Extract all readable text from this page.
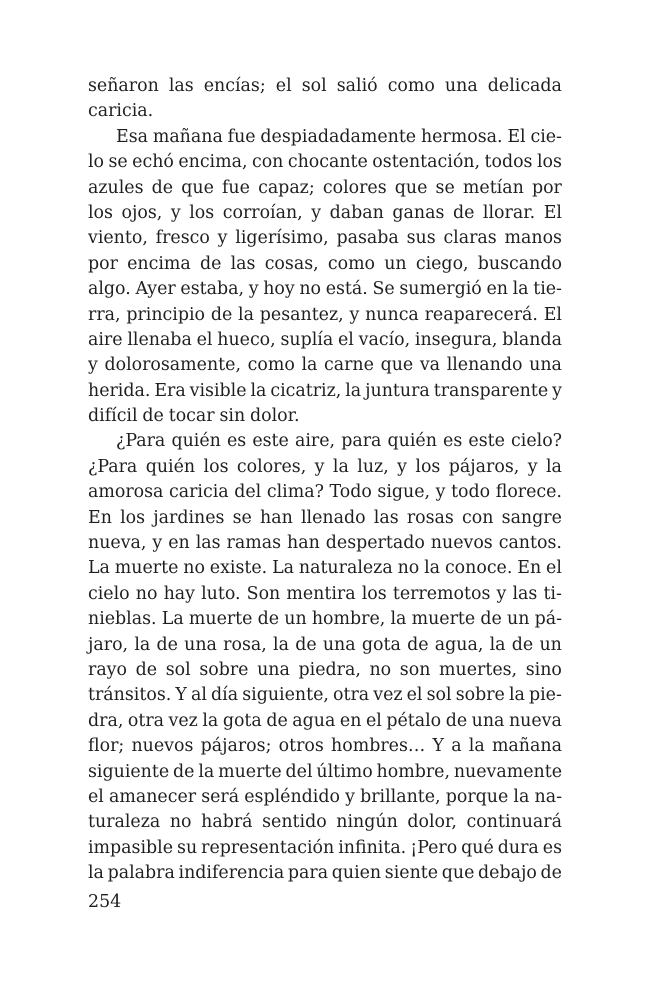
señaron las encías; el sol salió como una delicada
caricia.
Esa mañana fue despiadadamente hermosa. El cie-
lo se echó encima, con chocante ostentación, todos los
azules de que fue capaz; colores que se metían por
los ojos, y los corroían, y daban ganas de llorar. El
viento, fresco y ligerísimo, pasaba sus claras manos
por encima de las cosas, como un ciego, buscando
algo. Ayer estaba, y hoy no está. Se sumergió en la tie-
rra, principio de la pesantez, y nunca reaparecerá. El
aire llenaba el hueco, suplía el vacío, insegura, blanda
y dolorosamente, como la carne que va llenando una
herida. Era visible la cicatriz, la juntura transparente y
difícil de tocar sin dolor.
¿Para quién es este aire, para quién es este cielo?
¿Para quién los colores, y la luz, y los pájaros, y la
amorosa caricia del clima? Todo sigue, y todo florece.
En los jardines se han llenado las rosas con sangre
nueva, y en las ramas han despertado nuevos cantos.
La muerte no existe. La naturaleza no la conoce. En el
cielo no hay luto. Son mentira los terremotos y las ti-
nieblas. La muerte de un hombre, la muerte de un pá-
jaro, la de una rosa, la de una gota de agua, la de un
rayo de sol sobre una piedra, no son muertes, sino
tránsitos. Y al día siguiente, otra vez el sol sobre la pie-
dra, otra vez la gota de agua en el pétalo de una nueva
flor; nuevos pájaros; otros hombres… Y a la mañana
siguiente de la muerte del último hombre, nuevamente
el amanecer será espléndido y brillante, porque la na-
turaleza no habrá sentido ningún dolor, continuará
impasible su representación infinita. ¡Pero qué dura es
la palabra indiferencia para quien siente que debajo de
254
